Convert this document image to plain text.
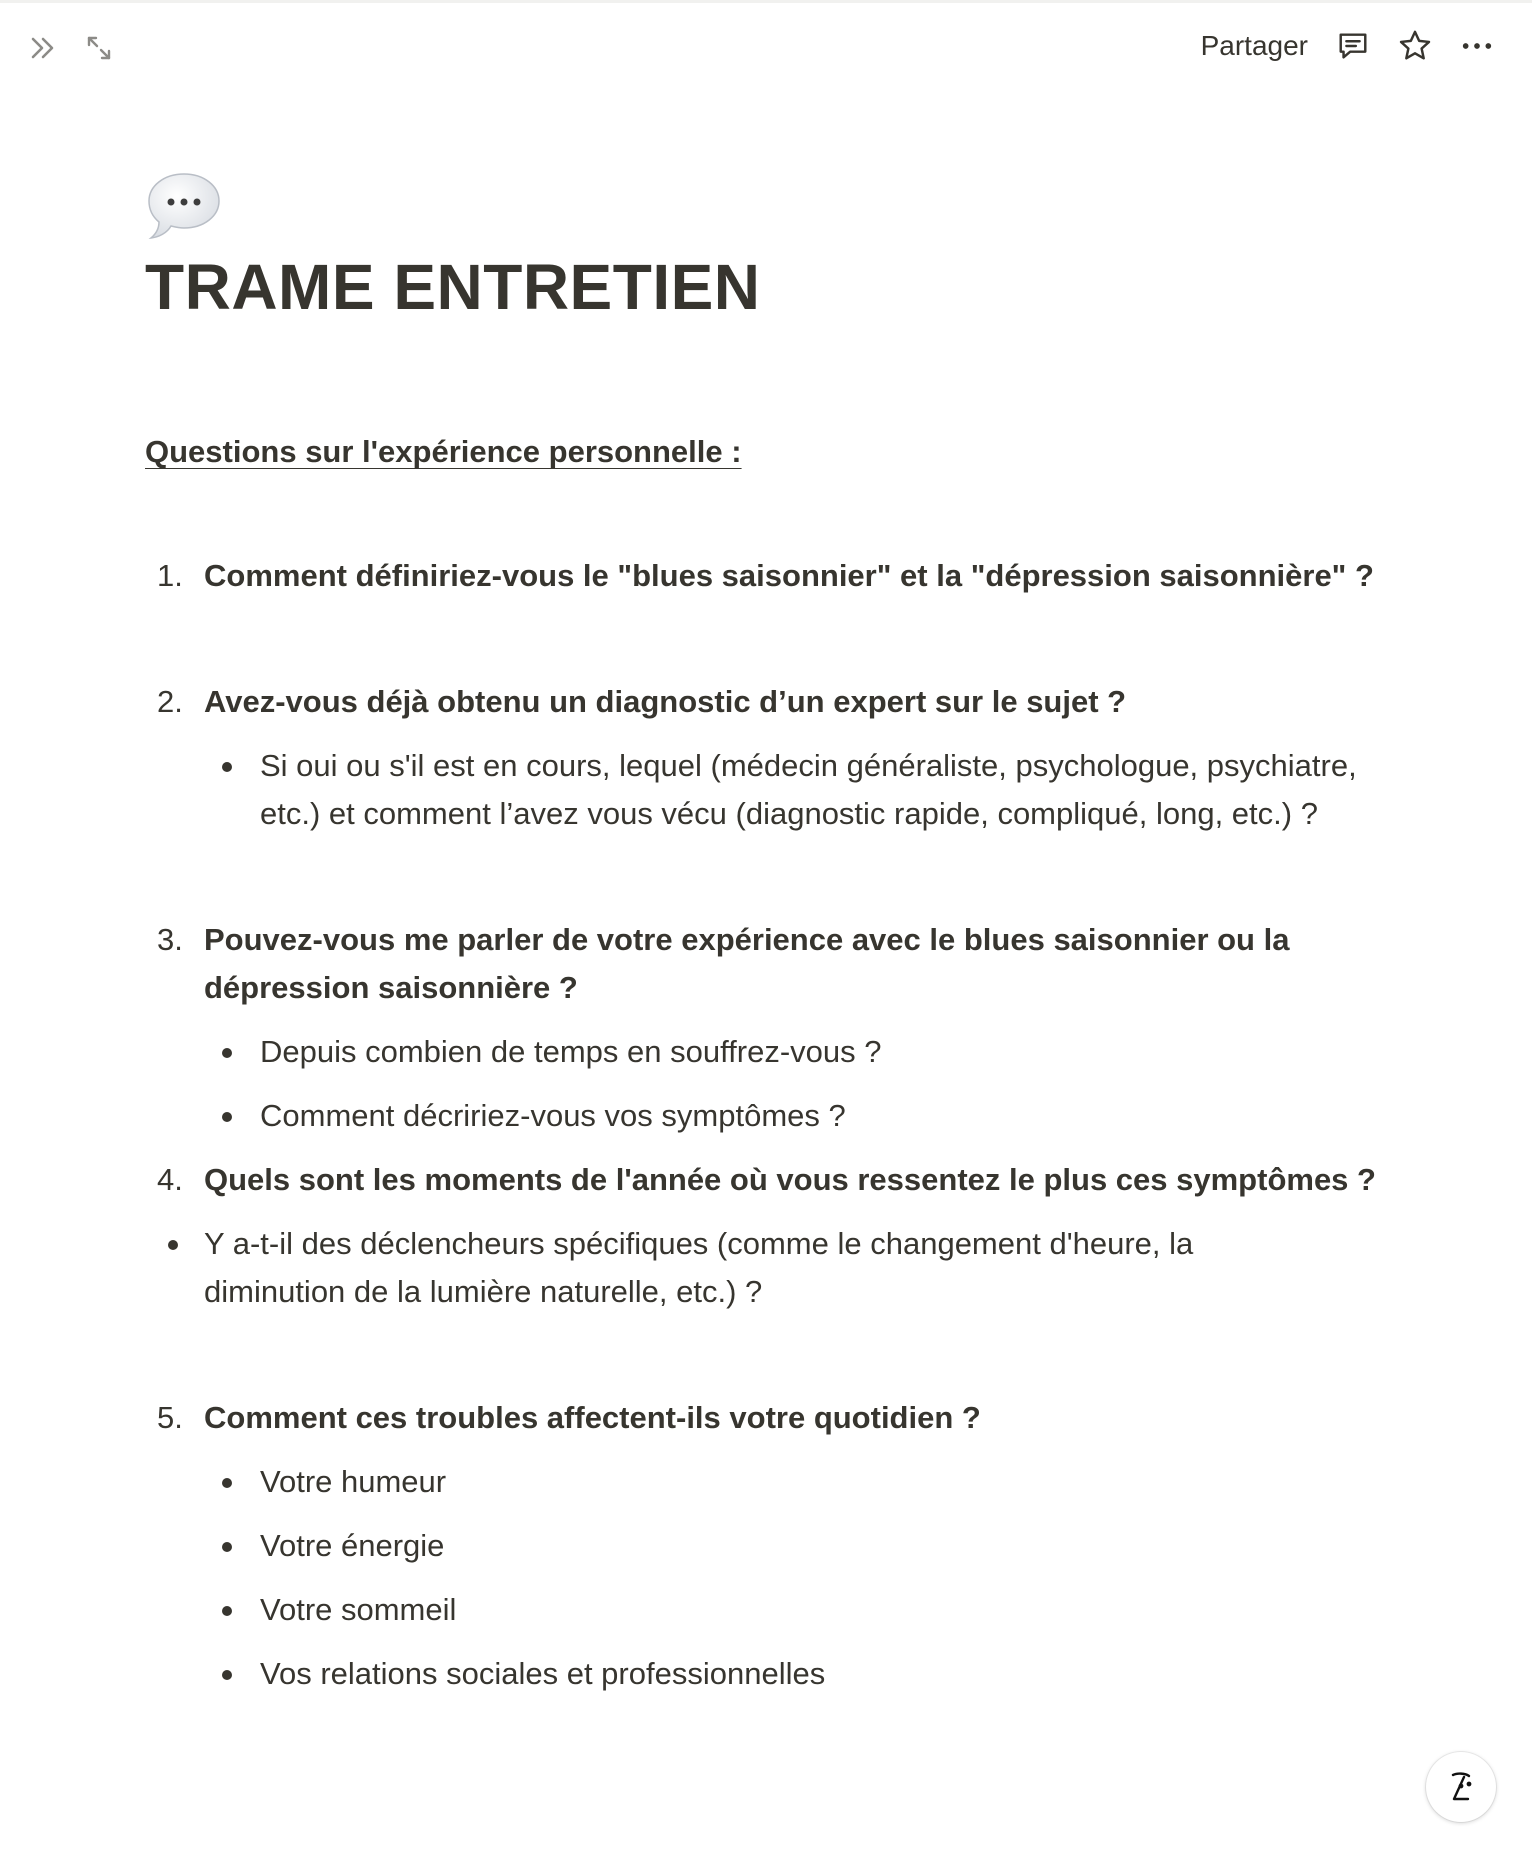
Partager
TRAME ENTRETIEN
Questions sur l'expérience personnelle :
1. Comment définiriez-vous le "blues saisonnier" et la "dépression saisonnière" ?
2. Avez-vous déjà obtenu un diagnostic d’un expert sur le sujet ?
Si oui ou s'il est en cours, lequel (médecin généraliste, psychologue, psychiatre, etc.) et comment l’avez vous vécu (diagnostic rapide, compliqué, long, etc.) ?
3. Pouvez-vous me parler de votre expérience avec le blues saisonnier ou la dépression saisonnière ?
Depuis combien de temps en souffrez-vous ?
Comment décririez-vous vos symptômes ?
4. Quels sont les moments de l'année où vous ressentez le plus ces symptômes ?
Y a-t-il des déclencheurs spécifiques (comme le changement d'heure, la diminution de la lumière naturelle, etc.) ?
5. Comment ces troubles affectent-ils votre quotidien ?
Votre humeur
Votre énergie
Votre sommeil
Vos relations sociales et professionnelles
